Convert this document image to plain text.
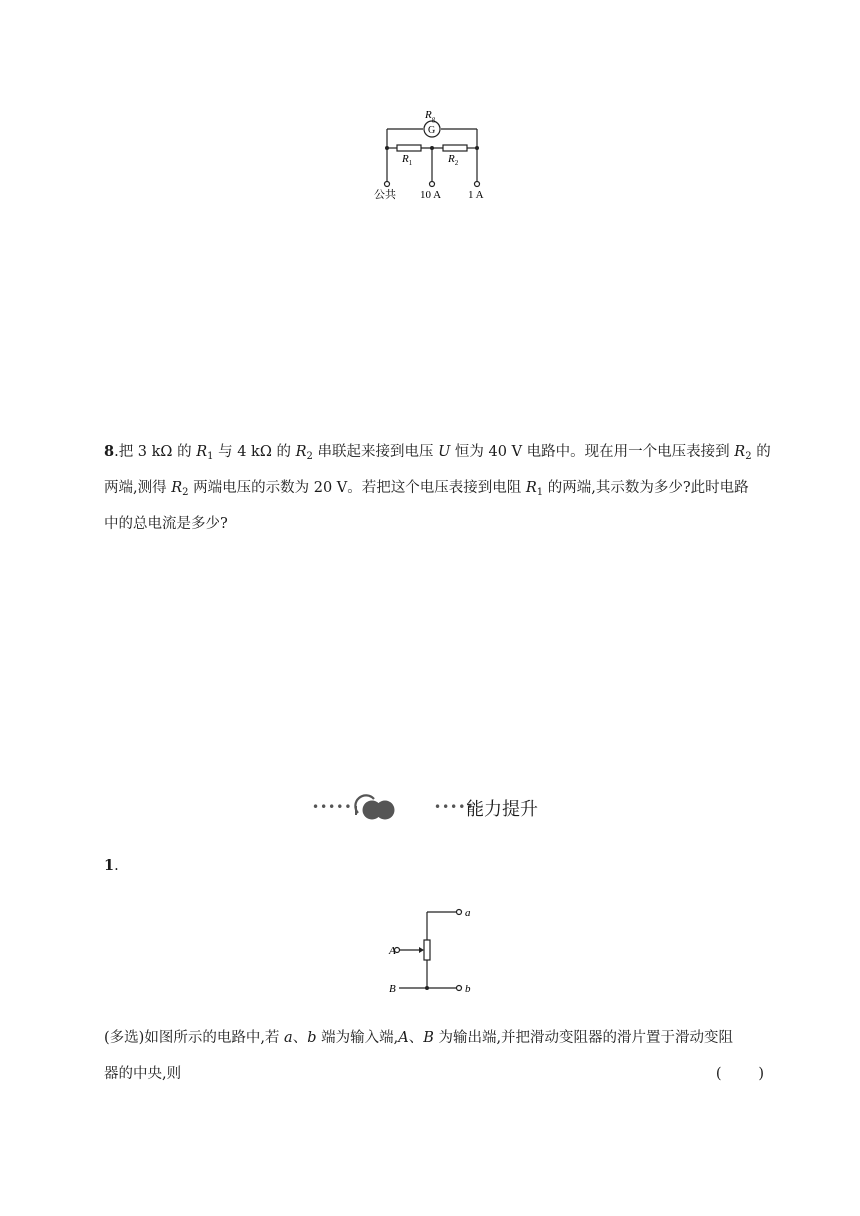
$R_g$
G
$R_1$	$R_2$
公共 10 A 1 A
8.把 3 kΩ 的 $R_1$ 与 4 kΩ 的 $R_2$ 串联起来接到电压 U 恒为 40 V 电路中。现在用一个电压表接到 $R_2$ 的
两端,测得 $R_2$ 两端电压的示数为 20 V。若把这个电压表接到电阻 $R_1$ 的两端,其示数为多少?此时电路
中的总电流是多少?
•••••	•••••
能力提升
1.
a
b
A
B
(多选)如图所示的电路中,若 a、b 端为输入端,A、B 为输出端,并把滑动变阻器的滑片置于滑动变阻
器的中央,则	(        )
